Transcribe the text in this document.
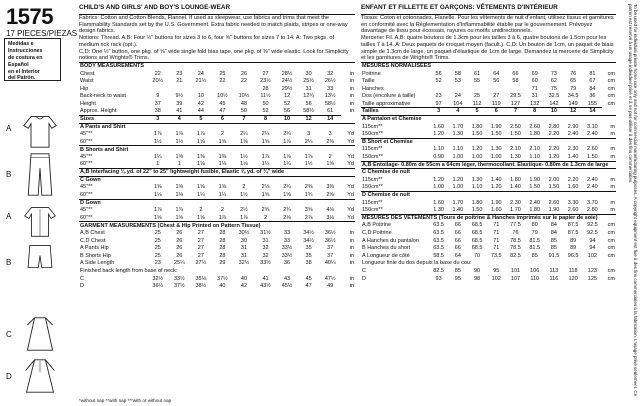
1575
17 PIECES/PIEZAS
Medidas e Instrucciones
de costura en Español
en el Interior
del Patrón.
A
B
A
B
C
D
CHILD'S AND GIRLS' AND BOY'S LOUNGE-WEAR
Fabrics: Cotton and Cotton Blends, Flannel. If used as sleepwear, use fabrics and trims that meet the Flammability Standards set by the U.S. Government. Extra fabric needed to match plaids, stripes or one-way design fabrics.
Notions: Thread. A,B: Four ½" buttons for sizes 3 to 6, four ⅝" buttons for sizes 7 to 14. A: Two pkgs. of medium rick rack (opt.).
C,D: One ½" button, one pkg. of ⅝" wide single fold bias tape, one pkg. of ⅜" wide elastic. Look for Simplicity notions and Wrights® Trims.
BODY MEASUREMENTS										
Chest	22	23	24	25	26	27	28½	30	32	in
Waist	20½	21	21½	22	22	23½	24½	25½	26½	in
Hip						28	29½	31	33	in
Back-neck to waist	9	9½	10	10½	10½	11½	12	12¾	13½	in
Height	37	39	42	45	48	50	52	56	58½	in
Approx. Height	38	41	44	47	50	52	56	58½	61	in
Sizes	3	4	5	6	7	8	10	12	14	
A Pants and Shirt										
45"**	1⅞	1⅞	1⅞	2	2¼	2¼	2¼	3	3	Yd
60"**	1½	1½	1⅝	1⅝	1⅝	1⅝	1⅞	2¼	2⅜	Yd
B Shorts and Shirt										
45"**	1¼	1⅜	1⅜	1⅜	1½	1⅞	1⅞	1⅞	2	Yd
60"**	1	1	1⅛	1⅛	1⅛	1¼	1¼	1½	1⅝	Yd
A,B Interfacing ⅛ yd. of 22" to 25" lightweight fusible, Elastic ⅝ yd. of ¾" wide										
C Gown										
45"**	1⅜	1⅜	1⅝	1⅝	2	2⅛	2¼	2⅜	3⅜	Yd
60"**	1⅛	1⅛	1¼	1¼	1½	1⅝	1⅝	1¾	2⅝	Yd
D Gown										
45"**	1⅞	1⅞	2	2	2½	2⅝	2¾	3⅝	4⅛	Yd
60"**	1⅝	1⅝	1⅝	1⅞	1⅞	2	2⅛	2⅞	3⅛	Yd
GARMENT MEASUREMENTS (Chest & Hip Printed on Pattern Tissue)										
A,B Chest	25	26	27	28	30½	31½	33	34½	36½	in
C,D Chest	25	26	27	28	30	31	33	34½	36½	in
A Pants Hip	25	26	27	28	31	32	33½	35	37	in
B Shorts Hip	25	26	27	28	31	32	33½	35	37	in
A Side Length	23	25¼	27½	29	32½	33½	36	38	40¼	in
Finished back length from base of neck:										
C	32½	33½	35⅛	37½	40	41	43	45	47½	in
D	36½	37½	38½	40	42	43½	45½	47	49	in
ENFANT ET FILLETTE ET GARÇONS: VÊTEMENTS D'INTÉRIEUR
Tissus: Coton et cotonnades, Flanelle. Pour les vêtements de nuit d'enfant, utilisez tissus et garnitures en conformité avec la Réglementation d'Inflammabilité établie par le gouvernement. Prévoyez davantage de tissu pour écossais, rayures ou motifs unidirectionnels.
Mercerie: Fil. A,B: quatre boutons de 1.3cm pour les tailles 3 à 6, quatre boutons de 1.5cm pour les tailles 7 à 14. A: Deux paquets de croquet moyen (facult.). C,D: Un bouton de 1cm, un paquet de biais simple de 1.3cm de large, un paquet d'élastique de 1cm de large. Demandez la mercerie de Simplicity et les garnitures de Wrights® Trims.
MESURES NORMALISÉES										
Poitrine	56	58	61	64	66	69	73	76	81	cm
Taille	52	53	55	56	58	60	62	65	67	cm
Hanches						71	75	79	84	cm
Dos (encolure à taille)	23	24	25	27	29.5	31	32.5	34.5	36	cm
Taille approximative	97	104	112	119	127	132	142	149	155	cm
Tailles	3	4	5	6	7	8	10	12	14	
A Pantalon et Chemise										
115cm**	1.60	1.70	1.80	1.90	2.50	2.60	2.80	2.90	3.10	m
150cm**	1.20	1.30	1.50	1.50	1.50	1.80	2.20	2.40	2.40	m
B Short et Chemise										
115cm**	1.10	1.10	1.20	1.30	2.10	2.10	2.20	2.30	2.60	m
150cm**	0.90	1.00	1.00	1.00	1.30	1.10	1.20	1.40	1.50	m
A,B Entoilage- 0.80m de 55cm a 64cm léger, thermocollant. Elastique- 0.80m de 1.3cm de large										
C Chemise de nuit										
115cm**	1.20	1.20	1.30	1.40	1.80	1.90	2.00	2.20	2.40	m
150cm**	1.00	1.00	1.10	1.20	1.40	1.50	1.50	1.60	2.40	m
D Chemise de nuit										
115cm**	1.60	1.70	1.80	1.90	2.30	2.40	2.60	3.30	3.70	m
150cm**	1.30	1.40	1.50	1.60	1.70	1.80	1.90	2.60	2.80	m
MESURES DES VÊTEMENTS (Tours de poitrine & Hanches imprimés sur le papier de soie)										
A,B Poitrine	63.5	66	68.5	71	77.5	80	84	87.5	92.5	cm
C,D Poitrine	63.5	66	68.5	71	76	79	84	87.5	92.5	cm
A Hanches du pantalon	63.5	66	68.5	71	78.5	81.5	85	89	94	cm
B Hanches du short	63.5	66	68.5	71	78.5	81.5	85	89	94	cm
A Longueur de côté	58.5	64	70	73.5	82.5	85	91.5	96.5	102	cm
Longueur finie du dos depuis la base du cou:										
C	82.5	85	90	95	101	106	113	118	123	cm
D	93	95	98	102	107	110	116	120	125	cm
*without nap **with nap ***with or without nap
To be used for individual private home use only and not for commercial manufacturing purposes. A copyright equipment est fixe à des fins commerciales à la fabrication. L'usage privé seulement. Ce patron est réservé à un usage individuel privé et à ne pas utiliser à des fins commerciales.
